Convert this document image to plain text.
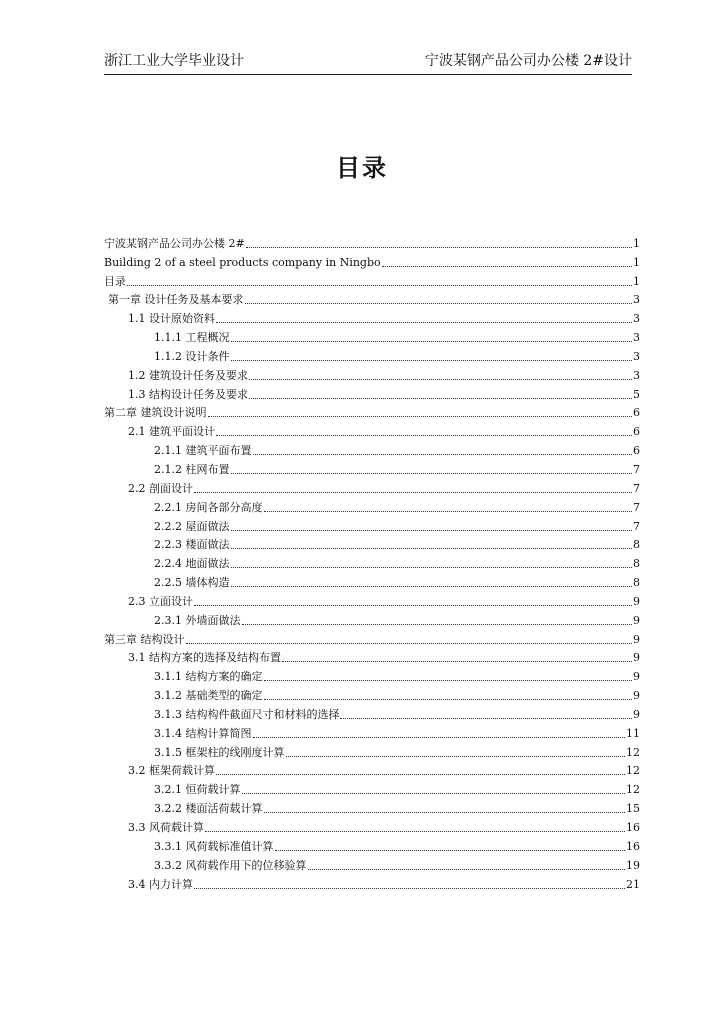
浙江工业大学毕业设计	宁波某钢产品公司办公楼 2#设计
目录
宁波某钢产品公司办公楼 2#	1
Building 2 of a steel products company in Ningbo	1
目录	1
第一章 设计任务及基本要求	3
1.1 设计原始资料	3
1.1.1 工程概况	3
1.1.2 设计条件	3
1.2 建筑设计任务及要求	3
1.3 结构设计任务及要求	5
第二章 建筑设计说明	6
2.1 建筑平面设计	6
2.1.1 建筑平面布置	6
2.1.2 柱网布置	7
2.2 剖面设计	7
2.2.1 房间各部分高度	7
2.2.2 屋面做法	7
2.2.3 楼面做法	8
2.2.4 地面做法	8
2.2.5 墙体构造	8
2.3 立面设计	9
2.3.1 外墙面做法	9
第三章 结构设计	9
3.1 结构方案的选择及结构布置	9
3.1.1 结构方案的确定	9
3.1.2 基础类型的确定	9
3.1.3 结构构件截面尺寸和材料的选择	9
3.1.4 结构计算简图	11
3.1.5 框架柱的线刚度计算	12
3.2 框架荷载计算	12
3.2.1 恒荷载计算	12
3.2.2 楼面活荷载计算	15
3.3 风荷载计算	16
3.3.1 风荷载标准值计算	16
3.3.2 风荷载作用下的位移验算	19
3.4 内力计算	21
